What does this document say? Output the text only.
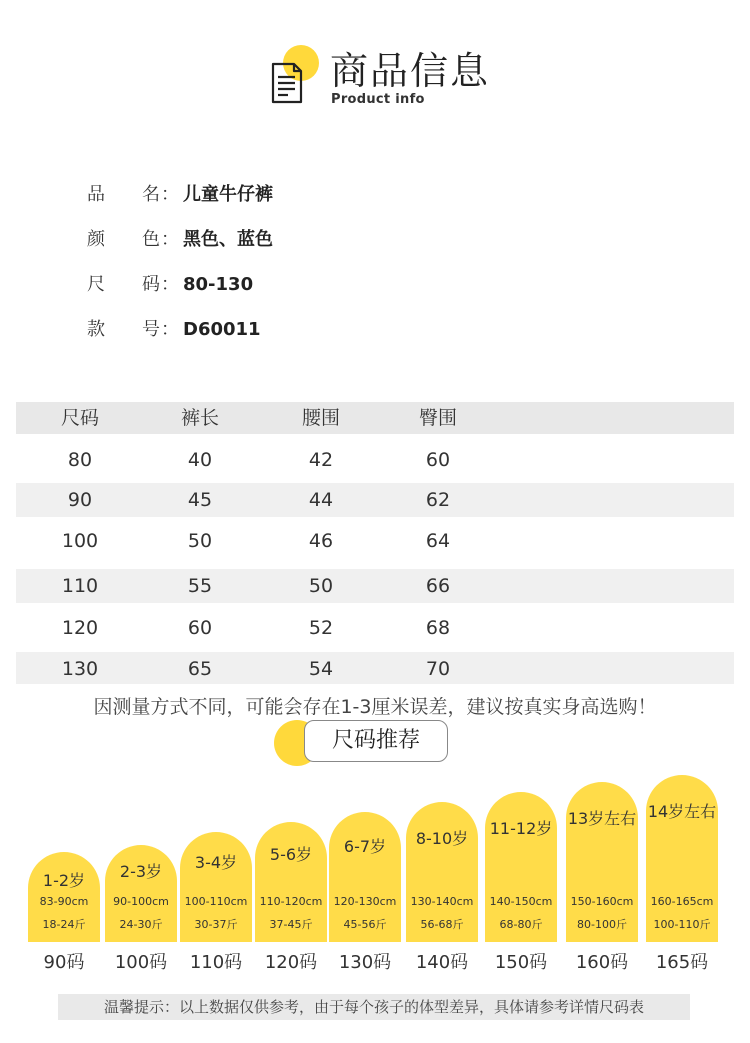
商品信息
Product info
品 名 ： 儿童牛仔裤
颜 色 ： 黑色、蓝色
尺 码 ： 80-130
款 号 ： D60011
尺码	裤长	腰围	臀围
80	40	42	60
90	45	44	62
100	50	46	64
110	55	50	66
120	60	52	68
130	65	54	70
因测量方式不同，可能会存在1-3厘米误差，建议按真实身高选购！
尺码推荐
1-2岁
83-90cm
18-24斤
90码
2-3岁
90-100cm
24-30斤
100码
3-4岁
100-110cm
30-37斤
110码
5-6岁
110-120cm
37-45斤
120码
6-7岁
120-130cm
45-56斤
130码
8-10岁
130-140cm
56-68斤
140码
11-12岁
140-150cm
68-80斤
150码
13岁左右
150-160cm
80-100斤
160码
14岁左右
160-165cm
100-110斤
165码
温馨提示：以上数据仅供参考，由于每个孩子的体型差异，具体请参考详情尺码表
